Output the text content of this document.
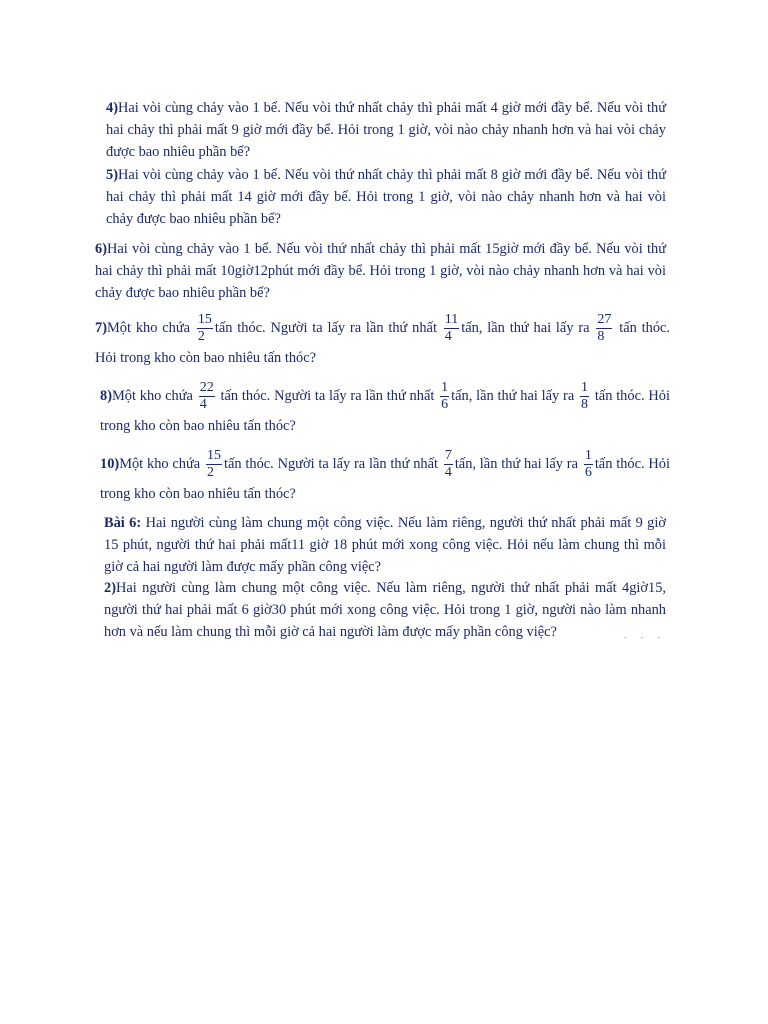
4)Hai vòi cùng chảy vào 1 bể. Nếu vòi thứ nhất chảy thì phải mất 4 giờ mới đầy bể. Nếu vòi thứ hai chảy thì phải mất 9 giờ mới đầy bể. Hỏi trong 1 giờ, vòi nào chảy nhanh hơn và hai vòi chảy được bao nhiêu phần bể?
5)Hai vòi cùng chảy vào 1 bể. Nếu vòi thứ nhất chảy thì phải mất 8 giờ mới đầy bể. Nếu vòi thứ hai chảy thì phải mất 14 giờ mới đầy bể. Hỏi trong 1 giờ, vòi nào chảy nhanh hơn và hai vòi chảy được bao nhiêu phần bể?
6)Hai vòi cùng chảy vào 1 bể. Nếu vòi thứ nhất chảy thì phải mất 15giờ mới đầy bể. Nếu vòi thứ hai chảy thì phải mất 10giờ12phút mới đầy bể. Hỏi trong 1 giờ, vòi nào chảy nhanh hơn và hai vòi chảy được bao nhiêu phần bể?
7)Một kho chứa $\frac{15}{2}$ tấn thóc. Người ta lấy ra lần thứ nhất $\frac{11}{4}$ tấn, lần thứ hai lấy ra $\frac{27}{8}$ tấn thóc. Hỏi trong kho còn bao nhiêu tấn thóc?
8)Một kho chứa $\frac{22}{4}$ tấn thóc. Người ta lấy ra lần thứ nhất $\frac{1}{6}$ tấn, lần thứ hai lấy ra $\frac{1}{8}$ tấn thóc. Hỏi trong kho còn bao nhiêu tấn thóc?
10)Một kho chứa $\frac{15}{2}$ tấn thóc. Người ta lấy ra lần thứ nhất $\frac{7}{4}$ tấn, lần thứ hai lấy ra $\frac{1}{6}$ tấn thóc. Hỏi trong kho còn bao nhiêu tấn thóc?
Bài 6: Hai người cùng làm chung một công việc. Nếu làm riêng, người thứ nhất phải mất 9 giờ 15 phút, người thứ hai phải mất11 giờ 18 phút mới xong công việc. Hỏi nếu làm chung thì mỗi giờ cả hai người làm được mấy phần công việc?
2)Hai người cùng làm chung một công việc. Nếu làm riêng, người thứ nhất phải mất 4giờ15, người thứ hai phải mất 6 giờ30 phút mới xong công việc. Hỏi trong 1 giờ, người nào làm nhanh hơn và nếu làm chung thì mỗi giờ cả hai người làm được mấy phần công việc?	- - -
